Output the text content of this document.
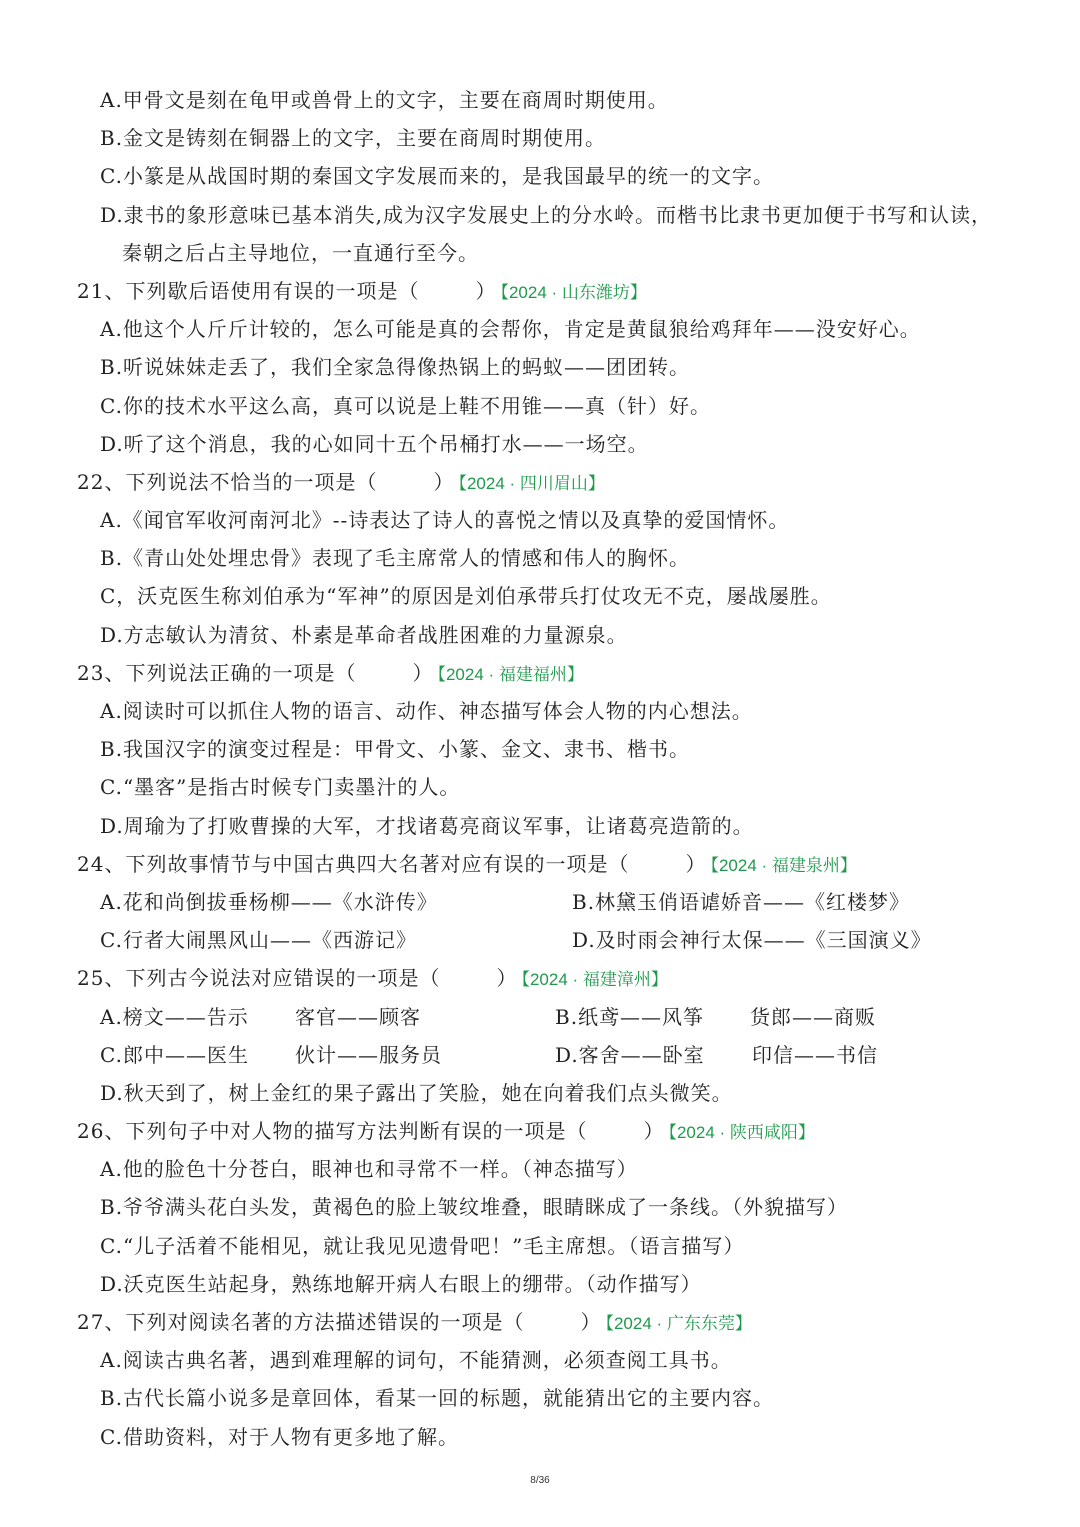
A.甲骨文是刻在龟甲或兽骨上的文字，主要在商周时期使用。
B.金文是铸刻在铜器上的文字，主要在商周时期使用。
C.小篆是从战国时期的秦国文字发展而来的，是我国最早的统一的文字。
D.隶书的象形意味已基本消失,成为汉字发展史上的分水岭。而楷书比隶书更加便于书写和认读，
秦朝之后占主导地位，一直通行至今。
21、下列歇后语使用有误的一项是（	） 【2024 · 山东潍坊】
A.他这个人斤斤计较的，怎么可能是真的会帮你，肯定是黄鼠狼给鸡拜年——没安好心。
B.听说妹妹走丢了，我们全家急得像热锅上的蚂蚁——团团转。
C.你的技术水平这么高，真可以说是上鞋不用锥——真（针）好。
D.听了这个消息，我的心如同十五个吊桶打水——一场空。
22、下列说法不恰当的一项是（	） 【2024 · 四川眉山】
A.《闻官军收河南河北》--诗表达了诗人的喜悦之情以及真挚的爱国情怀。
B.《青山处处埋忠骨》表现了毛主席常人的情感和伟人的胸怀。
C，沃克医生称刘伯承为“军神”的原因是刘伯承带兵打仗攻无不克，屡战屡胜。
D.方志敏认为清贫、朴素是革命者战胜困难的力量源泉。
23、下列说法正确的一项是（	） 【2024 · 福建福州】
A.阅读时可以抓住人物的语言、动作、神态描写体会人物的内心想法。
B.我国汉字的演变过程是：甲骨文、小篆、金文、隶书、楷书。
C.“墨客”是指古时候专门卖墨汁的人。
D.周瑜为了打败曹操的大军，才找诸葛亮商议军事，让诸葛亮造箭的。
24、下列故事情节与中国古典四大名著对应有误的一项是（	） 【2024 · 福建泉州】
A.花和尚倒拔垂杨柳——《水浒传》	B.林黛玉俏语谑娇音——《红楼梦》
C.行者大闹黑风山——《西游记》	D.及时雨会神行太保——《三国演义》
25、下列古今说法对应错误的一项是（	） 【2024 · 福建漳州】
A.榜文——告示 客官——顾客	B.纸鸢——风筝 货郎——商贩
C.郎中——医生 伙计——服务员	D.客舍——卧室 印信——书信
D.秋天到了，树上金红的果子露出了笑脸，她在向着我们点头微笑。
26、下列句子中对人物的描写方法判断有误的一项是（	） 【2024 · 陕西咸阳】
A.他的脸色十分苍白，眼神也和寻常不一样。（神态描写）
B.爷爷满头花白头发，黄褐色的脸上皱纹堆叠，眼睛眯成了一条线。（外貌描写）
C.“儿子活着不能相见，就让我见见遗骨吧！”毛主席想。（语言描写）
D.沃克医生站起身，熟练地解开病人右眼上的绷带。（动作描写）
27、下列对阅读名著的方法描述错误的一项是（	） 【2024 · 广东东莞】
A.阅读古典名著，遇到难理解的词句，不能猜测，必须查阅工具书。
B.古代长篇小说多是章回体，看某一回的标题，就能猜出它的主要内容。
C.借助资料，对于人物有更多地了解。
8/36
